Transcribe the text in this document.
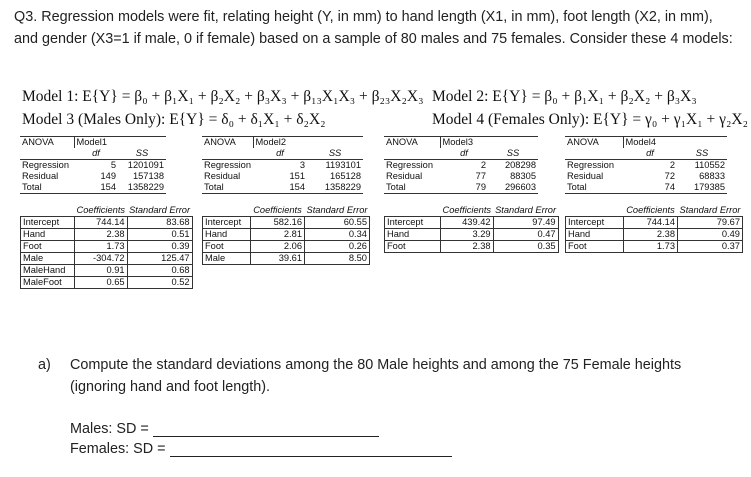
Q3. Regression models were fit, relating height (Y, in mm) to hand length (X1, in mm), foot length (X2, in mm), and gender (X3=1 if male, 0 if female) based on a sample of 80 males and 75 females. Consider these 4 models:
Model 1: E{Y} = β₀ + β₁X₁ + β₂X₂ + β₃X₃ + β₁₃X₁X₃ + β₂₃X₂X₃ Model 2: E{Y} = β₀ + β₁X₁ + β₂X₂ + β₃X₃
Model 3 (Males Only): E{Y} = δ₀ + δ₁X₁ + δ₂X₂	Model 4 (Females Only): E{Y} = γ₀ + γ₁X₁ + γ₂X₂
ANOVA	Model1	
	df	SS
Regression	5	1201091
Residual	149	157138
Total	154	1358229
	Coefficients	Standard Error
Intercept	744.14	83.68
Hand	2.38	0.51
Foot	1.73	0.39
Male	-304.72	125.47
MaleHand	0.91	0.68
MaleFoot	0.65	0.52
ANOVA	Model2	
	df	SS
Regression	3	1193101
Residual	151	165128
Total	154	1358229
	Coefficients	Standard Error
Intercept	582.16	60.55
Hand	2.81	0.34
Foot	2.06	0.26
Male	39.61	8.50
ANOVA	Model3	
	df	SS
Regression	2	208298
Residual	77	88305
Total	79	296603
	Coefficients	Standard Error
Intercept	439.42	97.49
Hand	3.29	0.47
Foot	2.38	0.35
ANOVA	Model4	
	df	SS
Regression	2	110552
Residual	72	68833
Total	74	179385
	Coefficients	Standard Error
Intercept	744.14	79.67
Hand	2.38	0.49
Foot	1.73	0.37
a) Compute the standard deviations among the 80 Male heights and among the 75 Female heights (ignoring hand and foot length).
Males: SD =
Females: SD =
